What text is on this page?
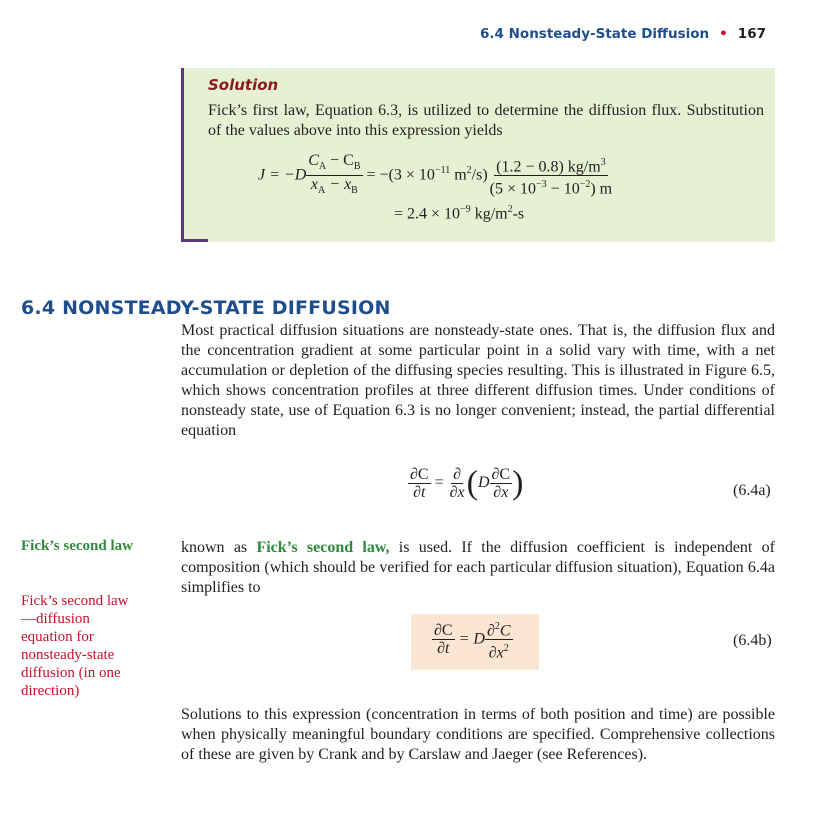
6.4 Nonsteady-State Diffusion • 167
Solution
Fick’s first law, Equation 6.3, is utilized to determine the diffusion flux. Substitution of the values above into this expression yields
$J = -D \frac{C_A - C_B}{x_A - x_B} = -(3 \times 10^{-11}$ $m^2/s) \frac{(1.2 - 0.8) kg/m^3}{(5 \times 10^{-3} - 10^{-2}) m}$
= $2.4 \times 10^{-9}$ $kg/m^2-s$
6.4 NONSTEADY-STATE DIFFUSION
Most practical diffusion situations are nonsteady-state ones. That is, the diffusion flux and the concentration gradient at some particular point in a solid vary with time, with a net accumulation or depletion of the diffusing species resulting. This is illustrated in Figure 6.5, which shows concentration profiles at three different diffusion times. Under conditions of nonsteady state, use of Equation 6.3 is no longer convenient; instead, the partial differential equation
$\frac{\partial C}{\partial t} = \frac{\partial}{\partial x} (D \frac{\partial C}{\partial x}$ )	(6.4a)
Fick’s second law
Fick’s second law—diffusion equation for nonsteady-state diffusion (in one direction)
known as Fick’s second law, is used. If the diffusion coefficient is independent of composition (which should be verified for each particular diffusion situation), Equation 6.4a simplifies to
$\frac{\partial C}{\partial t} = D \frac{\partial^2C}{\partial x^2}$	(6.4b)
Solutions to this expression (concentration in terms of both position and time) are possible when physically meaningful boundary conditions are specified. Comprehensive collections of these are given by Crank and by Carslaw and Jaeger (see References).
